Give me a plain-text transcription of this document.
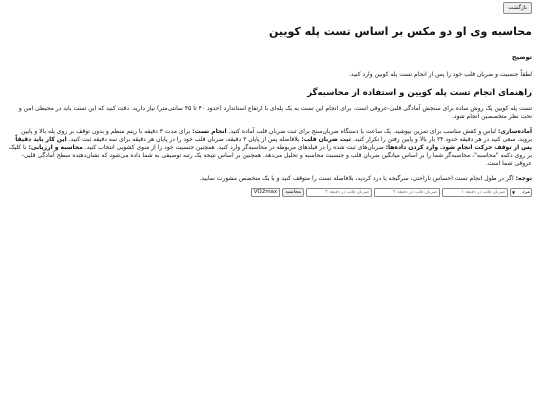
بازگشت
محاسبه وی او دو مکس بر اساس تست پله کویین
توضیح

لطفاً جنسیت و ضربان قلب خود را پس از انجام تست پله کویین وارد کنید.

راهنمای انجام تست پله کویین و استفاده از محاسبه‌گر

تست پله کویین یک روش ساده برای سنجش آمادگی قلبی-عروقی است. برای انجام این تست به یک پله‌ای با ارتفاع استاندارد (حدود ۴۰ تا ۴۵ سانتی‌متر) نیاز دارید. دقت کنید که این تست باید در محیطی امن و تحت نظر متخصصین انجام شود.

آماده‌سازی: لباس و کفش مناسب برای تمرین بپوشید. یک ساعت یا دستگاه ضربان‌سنج برای ثبت ضربان قلب آماده کنید. انجام تست: برای مدت ۳ دقیقه با ریتم منظم و بدون توقف بر روی پله بالا و پایین بروید. سعی کنید در هر دقیقه حدود ۲۴ بار بالا و پایین رفتن را تکرار کنید. ثبت ضربان قلب: بلافاصله پس از پایان ۳ دقیقه، ضربان قلب خود را در پایان هر دقیقه برای سه دقیقه ثبت کنید. این کار باید دقیقاً پس از توقف حرکت انجام شود. وارد کردن داده‌ها: ضربان‌های ثبت شده را در فیلدهای مربوطه در محاسبه‌گر وارد کنید. همچنین جنسیت خود را از منوی کشویی انتخاب کنید. محاسبه و ارزیابی: با کلیک بر روی دکمه "محاسبه"، محاسبه‌گر شما را بر اساس میانگین ضربان قلب و جنسیت محاسبه و تحلیل می‌دهد. همچنین بر اساس نتیجه یک رتبه توصیفی به شما داده می‌شود که نشان‌دهنده سطح آمادگی قلبی-عروقی شما است.

توجه: اگر در طول انجام تست احساس ناراحتی، سرگیجه یا درد کردید، بلافاصله تست را متوقف کنید و با یک متخصص مشورت نمایید.

مرد
▼
ضربان قلب در دقیقه ۱
ضربان قلب در دقیقه ۲
ضربان قلب در دقیقه ۳
محاسبه
VO2max
